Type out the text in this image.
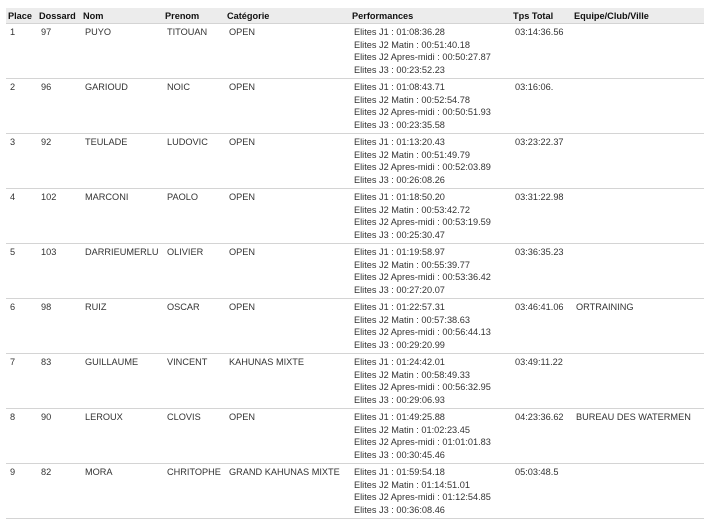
Place	Dossard	Nom	Prenom	Catégorie	Performances	Tps Total	Equipe/Club/Ville
1	97	PUYO	TITOUAN	OPEN	Elites J1 : 01:08:36.28
Elites J2 Matin : 00:51:40.18
Elites J2 Apres-midi : 00:50:27.87
Elites J3 : 00:23:52.23	03:14:36.56	
2	96	GARIOUD	NOIC	OPEN	Elites J1 : 01:08:43.71
Elites J2 Matin : 00:52:54.78
Elites J2 Apres-midi : 00:50:51.93
Elites J3 : 00:23:35.58	03:16:06.	
3	92	TEULADE	LUDOVIC	OPEN	Elites J1 : 01:13:20.43
Elites J2 Matin : 00:51:49.79
Elites J2 Apres-midi : 00:52:03.89
Elites J3 : 00:26:08.26	03:23:22.37	
4	102	MARCONI	PAOLO	OPEN	Elites J1 : 01:18:50.20
Elites J2 Matin : 00:53:42.72
Elites J2 Apres-midi : 00:53:19.59
Elites J3 : 00:25:30.47	03:31:22.98	
5	103	DARRIEUMERLU	OLIVIER	OPEN	Elites J1 : 01:19:58.97
Elites J2 Matin : 00:55:39.77
Elites J2 Apres-midi : 00:53:36.42
Elites J3 : 00:27:20.07	03:36:35.23	
6	98	RUIZ	OSCAR	OPEN	Elites J1 : 01:22:57.31
Elites J2 Matin : 00:57:38.63
Elites J2 Apres-midi : 00:56:44.13
Elites J3 : 00:29:20.99	03:46:41.06	ORTRAINING
7	83	GUILLAUME	VINCENT	KAHUNAS MIXTE	Elites J1 : 01:24:42.01
Elites J2 Matin : 00:58:49.33
Elites J2 Apres-midi : 00:56:32.95
Elites J3 : 00:29:06.93	03:49:11.22	
8	90	LEROUX	CLOVIS	OPEN	Elites J1 : 01:49:25.88
Elites J2 Matin : 01:02:23.45
Elites J2 Apres-midi : 01:01:01.83
Elites J3 : 00:30:45.46	04:23:36.62	BUREAU DES WATERMEN
9	82	MORA	CHRITOPHE	GRAND KAHUNAS MIXTE	Elites J1 : 01:59:54.18
Elites J2 Matin : 01:14:51.01
Elites J2 Apres-midi : 01:12:54.85
Elites J3 : 00:36:08.46	05:03:48.5	
